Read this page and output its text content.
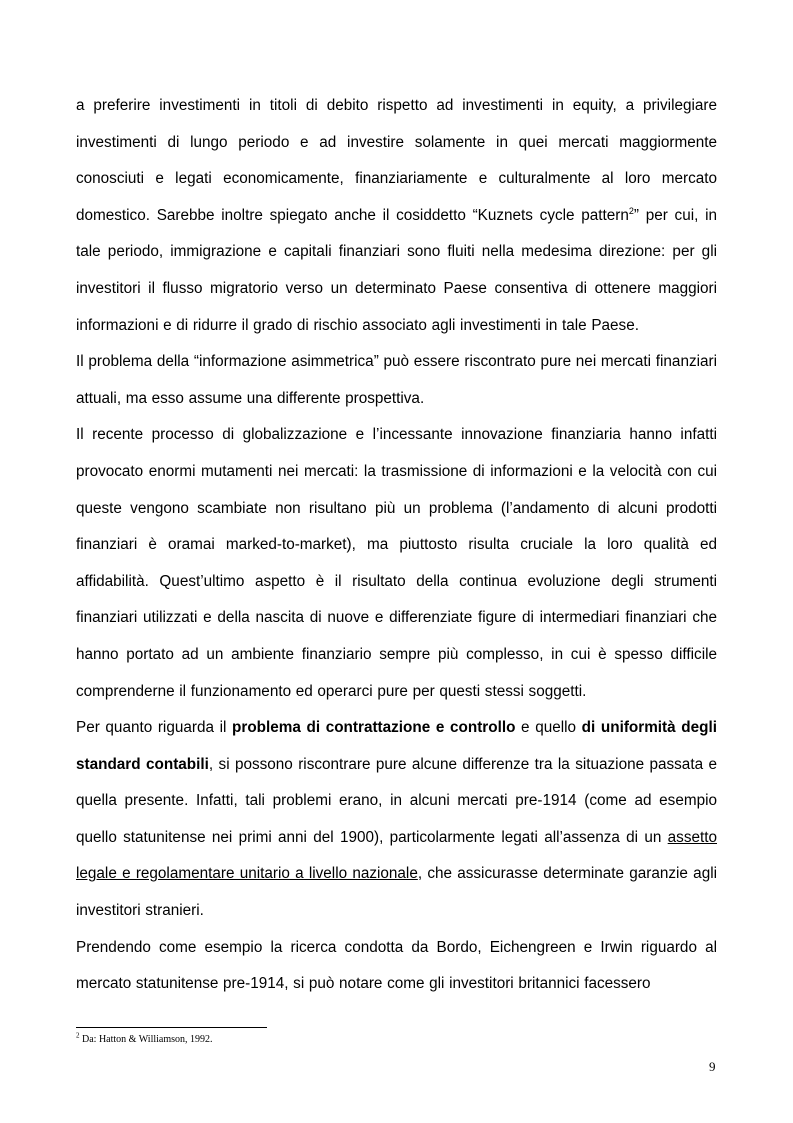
a preferire investimenti in titoli di debito rispetto ad investimenti in equity, a privilegiare investimenti di lungo periodo e ad investire solamente in quei mercati maggiormente conosciuti e legati economicamente, finanziariamente e culturalmente al loro mercato domestico. Sarebbe inoltre spiegato anche il cosiddetto “Kuznets cycle pattern$^2$” per cui, in tale periodo, immigrazione e capitali finanziari sono fluiti nella medesima direzione: per gli investitori il flusso migratorio verso un determinato Paese consentiva di ottenere maggiori informazioni e di ridurre il grado di rischio associato agli investimenti in tale Paese.

Il problema della “informazione asimmetrica” può essere riscontrato pure nei mercati finanziari attuali, ma esso assume una differente prospettiva.

Il recente processo di globalizzazione e l’incessante innovazione finanziaria hanno infatti provocato enormi mutamenti nei mercati: la trasmissione di informazioni e la velocità con cui queste vengono scambiate non risultano più un problema (l’andamento di alcuni prodotti finanziari è oramai marked-to-market), ma piuttosto risulta cruciale la loro qualità ed affidabilità. Quest’ultimo aspetto è il risultato della continua evoluzione degli strumenti finanziari utilizzati e della nascita di nuove e differenziate figure di intermediari finanziari che hanno portato ad un ambiente finanziario sempre più complesso, in cui è spesso difficile comprenderne il funzionamento ed operarci pure per questi stessi soggetti.

Per quanto riguarda il problema di contrattazione e controllo e quello di uniformità degli standard contabili, si possono riscontrare pure alcune differenze tra la situazione passata e quella presente. Infatti, tali problemi erano, in alcuni mercati pre-1914 (come ad esempio quello statunitense nei primi anni del 1900), particolarmente legati all’assenza di un assetto legale e regolamentare unitario a livello nazionale, che assicurasse determinate garanzie agli investitori stranieri.

Prendendo come esempio la ricerca condotta da Bordo, Eichengreen e Irwin riguardo al mercato statunitense pre-1914, si può notare come gli investitori britannici facessero

$^2$ Da: Hatton & Williamson, 1992.
9
